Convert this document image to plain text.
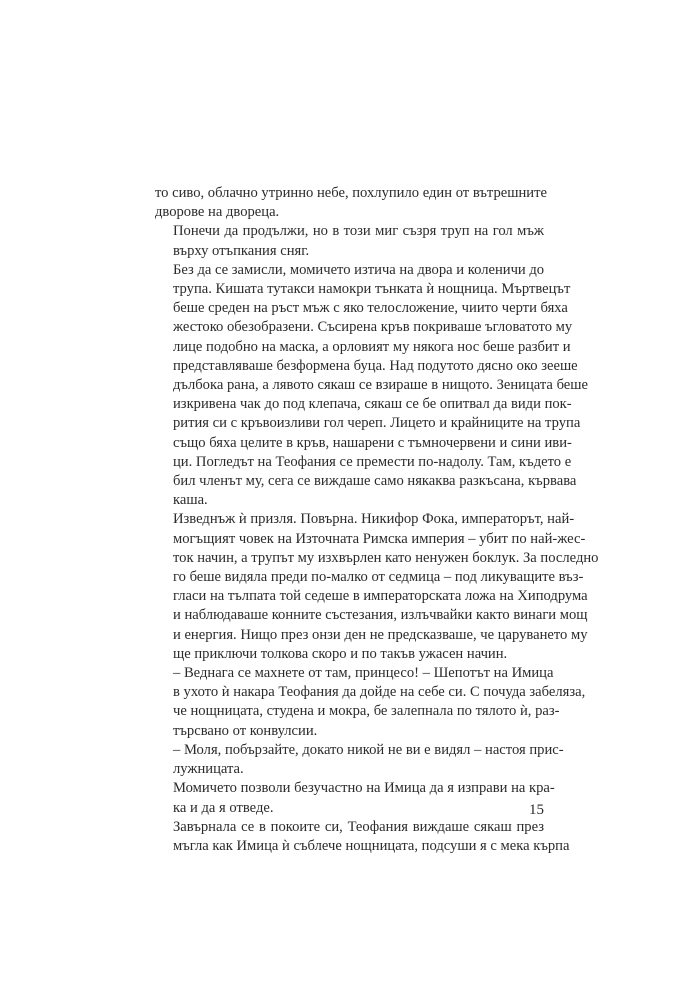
то сиво, облачно утринно небе, похлупило един от вътрешните
дворове на двореца.
Понечи да продължи, но в този миг съзря труп на гол мъж
върху отъпкания сняг.
Без да се замисли, момичето изтича на двора и коленичи до
трупа. Кишата тутакси намокри тънката ѝ нощница. Мъртвецът
беше среден на ръст мъж с яко телосложение, чиито черти бяха
жестоко обезобразени. Съсирена кръв покриваше ъгловатото му
лице подобно на маска, а орловият му някога нос беше разбит и
представляваше безформена буца. Над подутото дясно око зееше
дълбока рана, а лявото сякаш се взираше в нищото. Зеницата беше
изкривена чак до под клепача, сякаш се бе опитвал да види пок-
рития си с кръвоизливи гол череп. Лицето и крайниците на трупа
също бяха целите в кръв, нашарени с тъмночервени и сини иви-
ци. Погледът на Теофания се премести по-надолу. Там, където е
бил членът му, сега се виждаше само някаква разкъсана, кървава
каша.
Изведнъж ѝ призля. Повърна. Никифор Фока, императорът, най-
могъщият човек на Източната Римска империя – убит по най-жес-
ток начин, а трупът му изхвърлен като ненужен боклук. За последно
го беше видяла преди по-малко от седмица – под ликуващите въз-
гласи на тълпата той седеше в императорската ложа на Хиподрума
и наблюдаваше конните състезания, излъчвайки както винаги мощ
и енергия. Нищо през онзи ден не предсказваше, че царуването му
ще приключи толкова скоро и по такъв ужасен начин.
– Веднага се махнете от там, принцесо! – Шепотът на Имица
в ухото ѝ накара Теофания да дойде на себе си. С почуда забеляза,
че нощницата, студена и мокра, бе залепнала по тялото ѝ, раз-
търсвано от конвулсии.
– Моля, побързайте, докато никой не ви е видял – настоя прис-
лужницата.
Момичето позволи безучастно на Имица да я изправи на кра-
ка и да я отведе.
Завърнала се в покоите си, Теофания виждаше сякаш през
мъгла как Имица ѝ съблече нощницата, подсуши я с мека кърпа
15
